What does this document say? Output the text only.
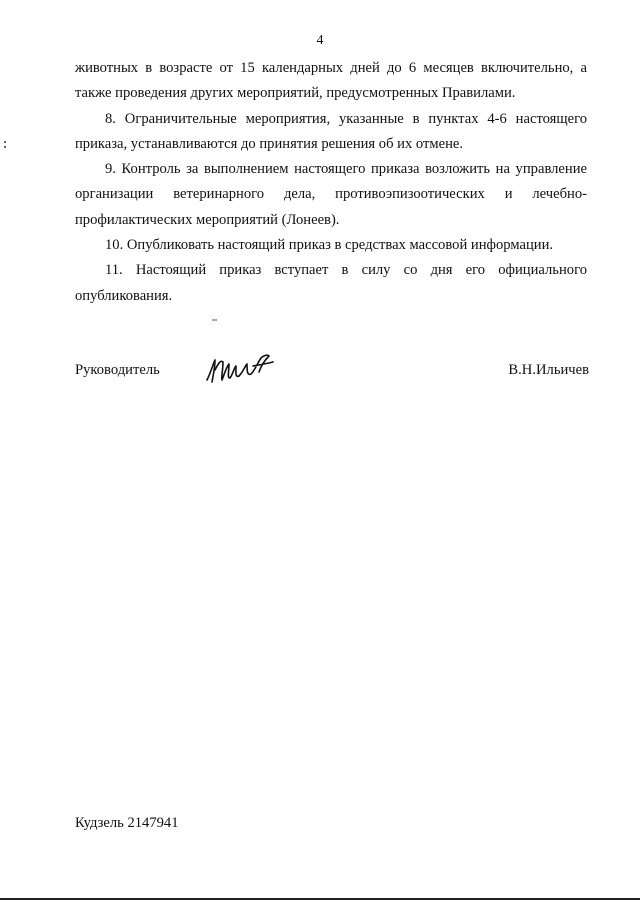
4

животных в возрасте от 15 календарных дней до 6 месяцев включительно, а также проведения других мероприятий, предусмотренных Правилами.

8. Ограничительные мероприятия, указанные в пунктах 4-6 настоящего приказа, устанавливаются до принятия решения об их отмене.

9. Контроль за выполнением настоящего приказа возложить на управление организации ветеринарного дела, противоэпизоотических и лечебно-профилактических мероприятий (Лонеев).

10. Опубликовать настоящий приказ в средствах массовой информации.

11. Настоящий приказ вступает в силу со дня его официального опубликования.

Руководитель	В.Н.Ильичев
Кудзель 2147941
